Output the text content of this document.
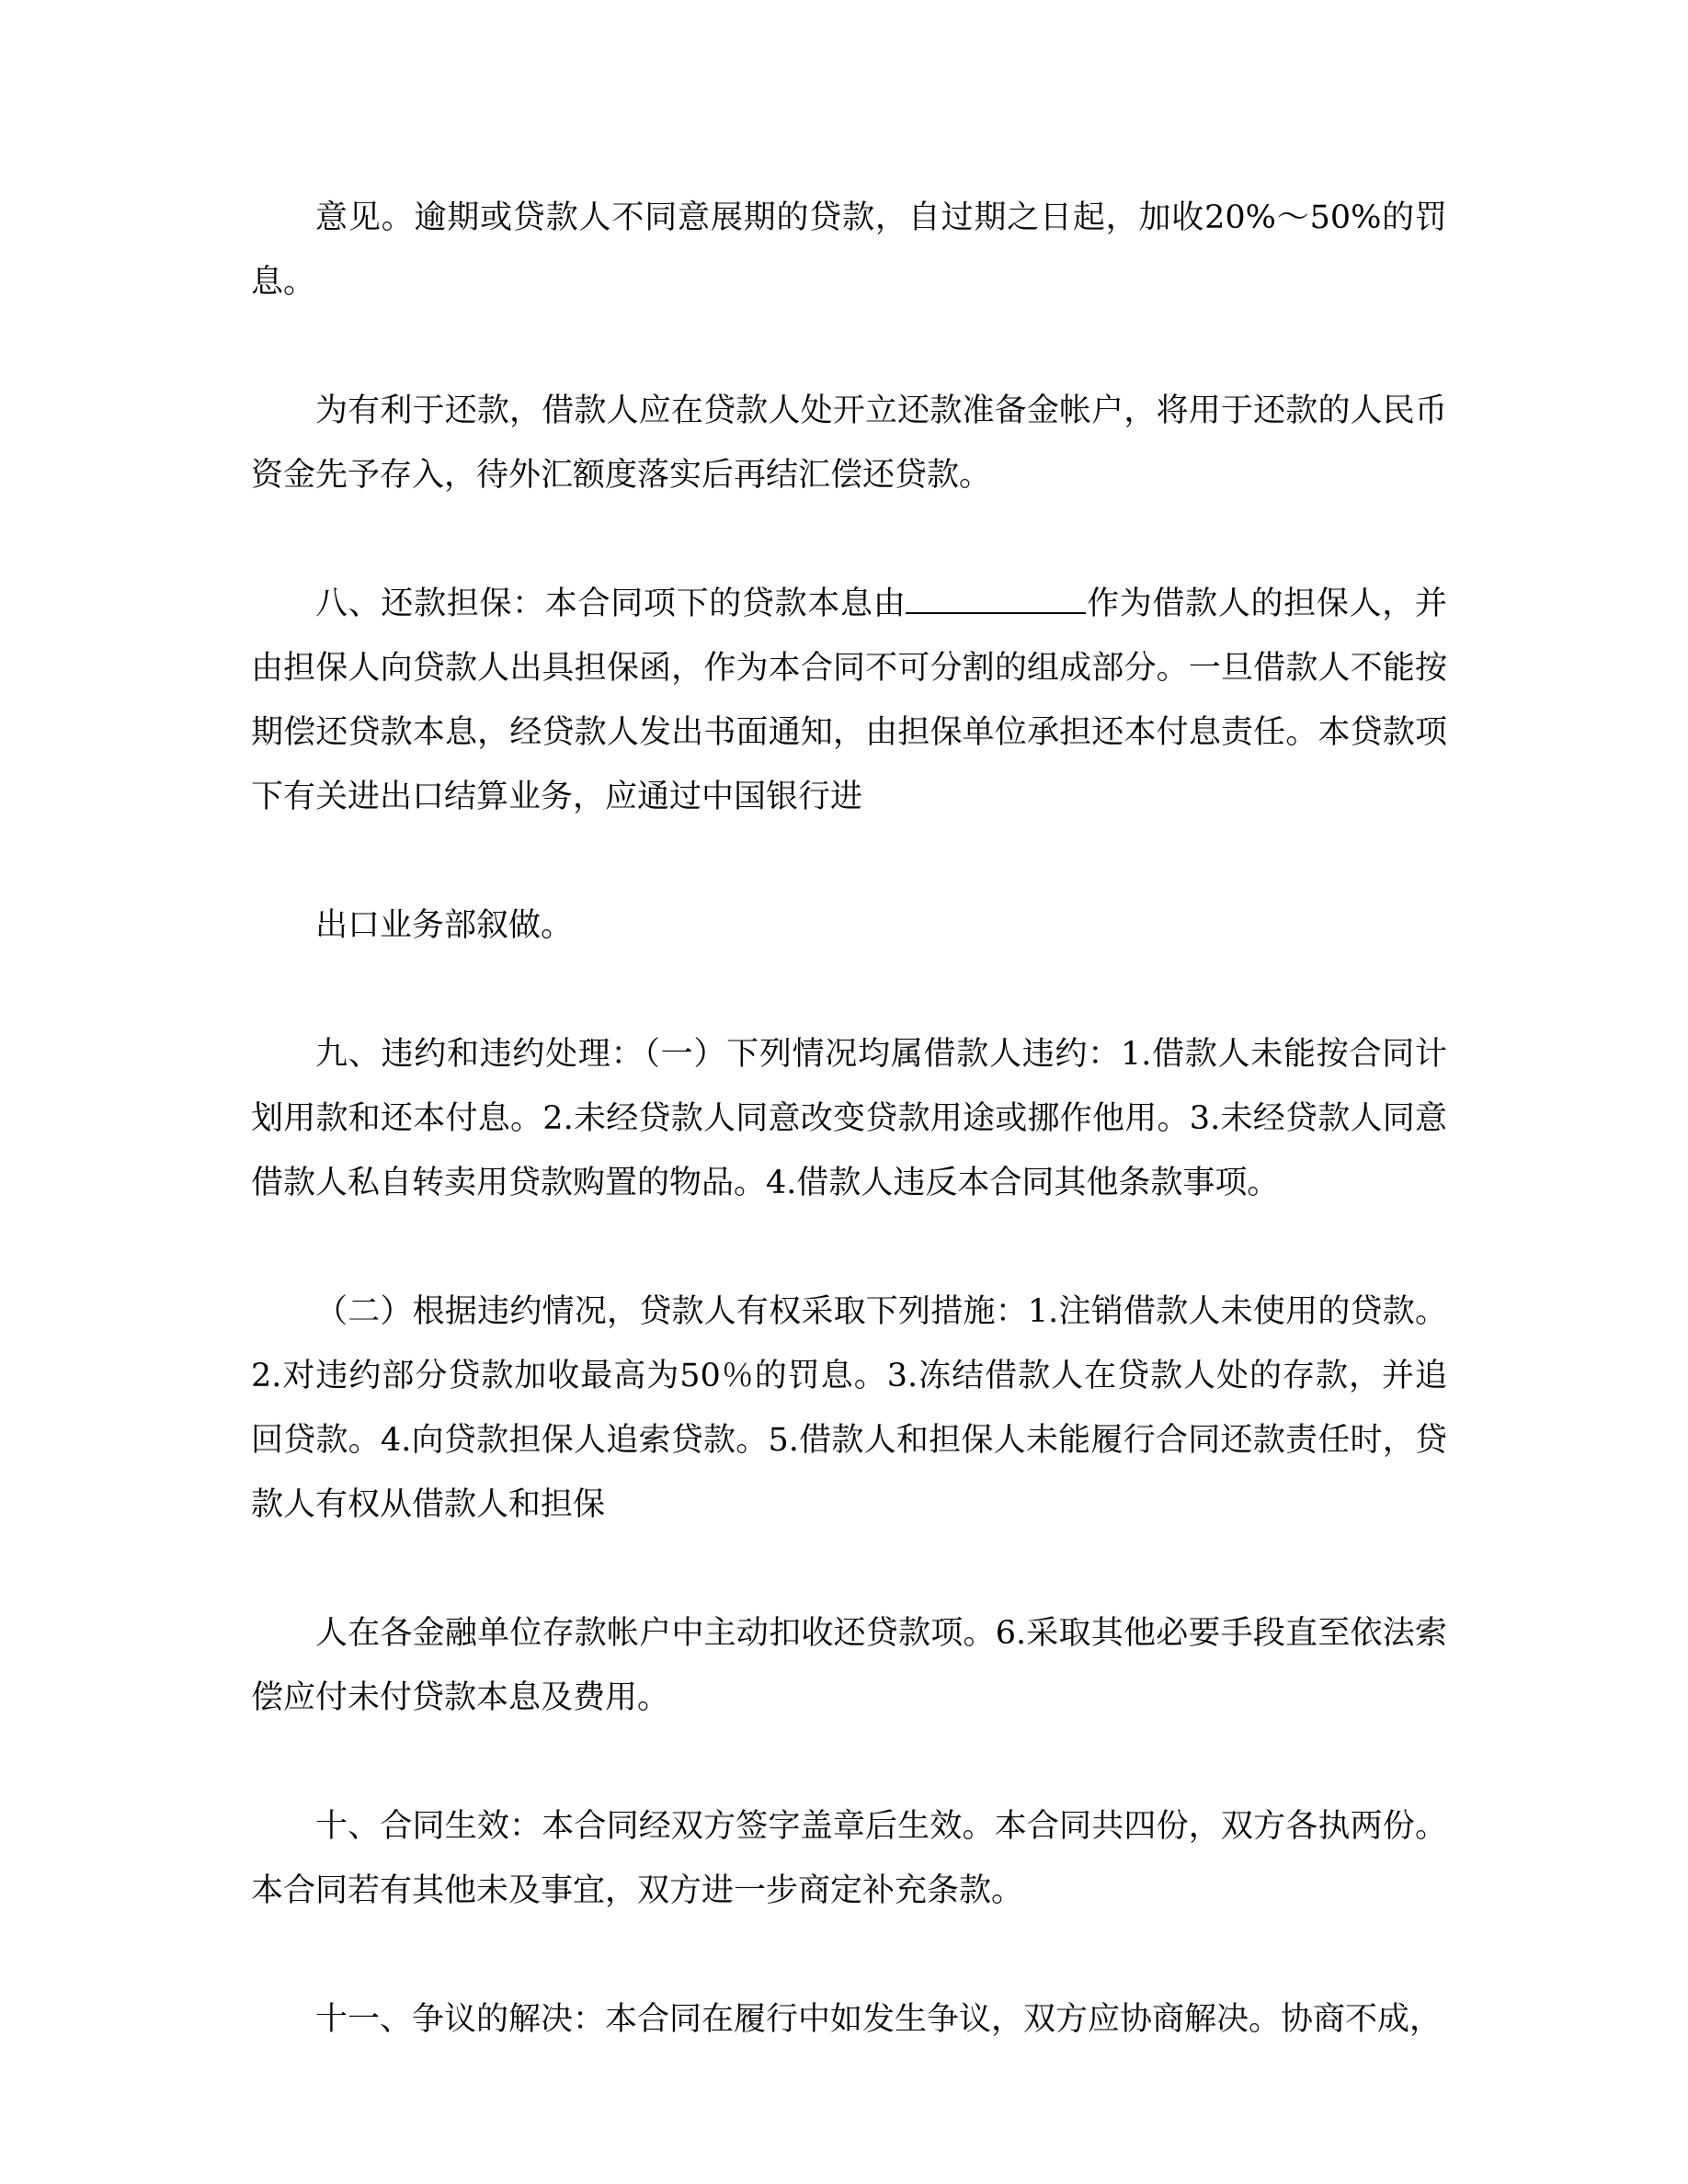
意见。逾期或贷款人不同意展期的贷款，自过期之日起，加收20%～50%的罚息。

为有利于还款，借款人应在贷款人处开立还款准备金帐户，将用于还款的人民币资金先予存入，待外汇额度落实后再结汇偿还贷款。

八、还款担保：本合同项下的贷款本息由	作为借款人的担保人，并由担保人向贷款人出具担保函，作为本合同不可分割的组成部分。一旦借款人不能按期偿还贷款本息，经贷款人发出书面通知，由担保单位承担还本付息责任。本贷款项下有关进出口结算业务，应通过中国银行进

出口业务部叙做。

九、违约和违约处理：（一）下列情况均属借款人违约：1.借款人未能按合同计划用款和还本付息。2.未经贷款人同意改变贷款用途或挪作他用。3.未经贷款人同意借款人私自转卖用贷款购置的物品。4.借款人违反本合同其他条款事项。

（二）根据违约情况，贷款人有权采取下列措施：1.注销借款人未使用的贷款。2.对违约部分贷款加收最高为50％的罚息。3.冻结借款人在贷款人处的存款，并追回贷款。4.向贷款担保人追索贷款。5.借款人和担保人未能履行合同还款责任时，贷款人有权从借款人和担保

人在各金融单位存款帐户中主动扣收还贷款项。6.采取其他必要手段直至依法索偿应付未付贷款本息及费用。

十、合同生效：本合同经双方签字盖章后生效。本合同共四份，双方各执两份。本合同若有其他未及事宜，双方进一步商定补充条款。

十一、争议的解决：本合同在履行中如发生争议，双方应协商解决。协商不成，
